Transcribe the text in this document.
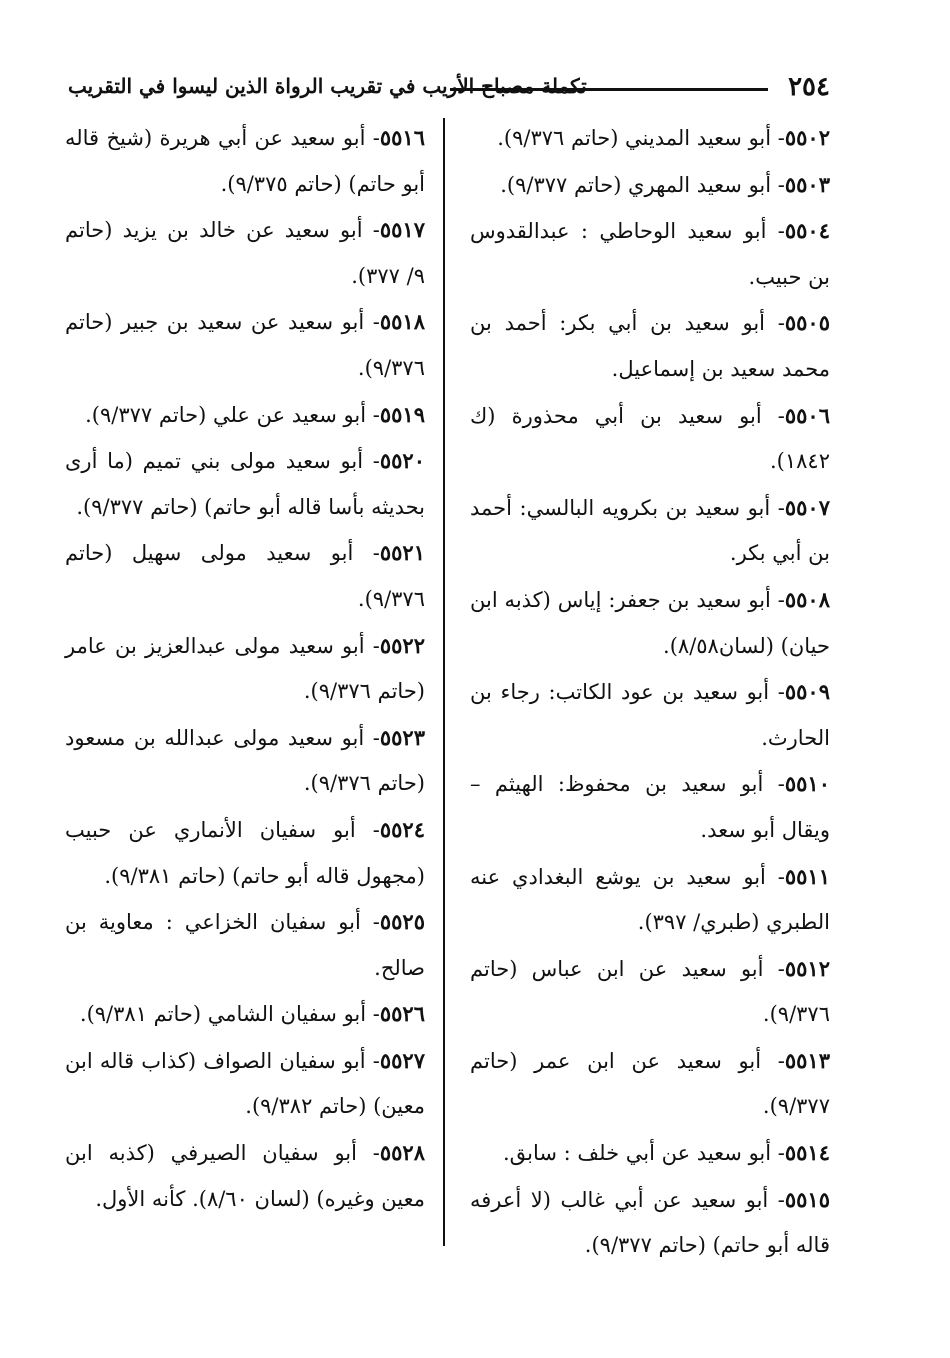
٢٥٤
تكملة مصباح الأريب في تقريب الرواة الذين ليسوا في التقريب

٥٥٠٢- أبو سعيد المديني (حاتم ٩/٣٧٦).

٥٥٠٣- أبو سعيد المهري (حاتم ٩/٣٧٧).

٥٥٠٤- أبو سعيد الوحاطي : عبدالقدوس بن حبيب.

٥٥٠٥- أبو سعيد بن أبي بكر: أحمد بن محمد سعيد بن إسماعيل.

٥٥٠٦- أبو سعيد بن أبي محذورة (ك ١٨٤٢).

٥٥٠٧- أبو سعيد بن بكرويه البالسي: أحمد بن أبي بكر.

٥٥٠٨- أبو سعيد بن جعفر: إياس (كذبه ابن حيان) (لسان٨/٥٨).

٥٥٠٩- أبو سعيد بن عود الكاتب: رجاء بن الحارث.

٥٥١٠- أبو سعيد بن محفوظ: الهيثم – ويقال أبو سعد.

٥٥١١- أبو سعيد بن يوشع البغدادي عنه الطبري (طبري/ ٣٩٧).

٥٥١٢- أبو سعيد عن ابن عباس (حاتم ٩/٣٧٦).

٥٥١٣- أبو سعيد عن ابن عمر (حاتم ٩/٣٧٧).

٥٥١٤- أبو سعيد عن أبي خلف : سابق.

٥٥١٥- أبو سعيد عن أبي غالب (لا أعرفه قاله أبو حاتم) (حاتم ٩/٣٧٧).

٥٥١٦- أبو سعيد عن أبي هريرة (شيخ قاله أبو حاتم) (حاتم ٩/٣٧٥).

٥٥١٧- أبو سعيد عن خالد بن يزيد (حاتم ٩/ ٣٧٧).

٥٥١٨- أبو سعيد عن سعيد بن جبير (حاتم ٩/٣٧٦).

٥٥١٩- أبو سعيد عن علي (حاتم ٩/٣٧٧).

٥٥٢٠- أبو سعيد مولى بني تميم (ما أرى بحديثه بأسا قاله أبو حاتم) (حاتم ٩/٣٧٧).

٥٥٢١- أبو سعيد مولى سهيل (حاتم ٩/٣٧٦).

٥٥٢٢- أبو سعيد مولى عبدالعزيز بن عامر (حاتم ٩/٣٧٦).

٥٥٢٣- أبو سعيد مولى عبدالله بن مسعود (حاتم ٩/٣٧٦).

٥٥٢٤- أبو سفيان الأنماري عن حبيب (مجهول قاله أبو حاتم) (حاتم ٩/٣٨١).

٥٥٢٥- أبو سفيان الخزاعي : معاوية بن صالح.

٥٥٢٦- أبو سفيان الشامي (حاتم ٩/٣٨١).

٥٥٢٧- أبو سفيان الصواف (كذاب قاله ابن معين) (حاتم ٩/٣٨٢).

٥٥٢٨- أبو سفيان الصيرفي (كذبه ابن معين وغيره) (لسان ٨/٦٠). كأنه الأول.
